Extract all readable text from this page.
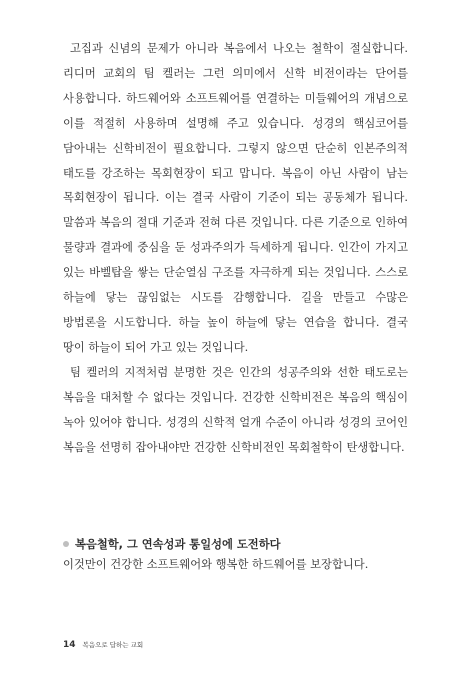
고집과 신념의 문제가 아니라 복음에서 나오는 철학이 절실합니다. 리디머 교회의 팀 켈러는 그런 의미에서 신학 비전이라는 단어를 사용합니다. 하드웨어와 소프트웨어를 연결하는 미들웨어의 개념으로 이를 적절히 사용하며 설명해 주고 있습니다. 성경의 핵심코어를 담아내는 신학비전이 필요합니다. 그렇지 않으면 단순히 인본주의적 태도를 강조하는 목회현장이 되고 맙니다. 복음이 아닌 사람이 남는 목회현장이 됩니다. 이는 결국 사람이 기준이 되는 공동체가 됩니다. 말씀과 복음의 절대 기준과 전혀 다른 것입니다. 다른 기준으로 인하여 물량과 결과에 중심을 둔 성과주의가 득세하게 됩니다. 인간이 가지고 있는 바벨탑을 쌓는 단순열심 구조를 자극하게 되는 것입니다. 스스로 하늘에 닿는 끊임없는 시도를 감행합니다. 길을 만들고 수많은 방법론을 시도합니다. 하늘 높이 하늘에 닿는 연습을 합니다. 결국 땅이 하늘이 되어 가고 있는 것입니다.

팀 켈러의 지적처럼 분명한 것은 인간의 성공주의와 선한 태도로는 복음을 대처할 수 없다는 것입니다. 건강한 신학비전은 복음의 핵심이 녹아 있어야 합니다. 성경의 신학적 얼개 수준이 아니라 성경의 코어인 복음을 선명히 잡아내야만 건강한 신학비전인 목회철학이 탄생합니다.

복음철학, 그 연속성과 통일성에 도전하다

이것만이 건강한 소프트웨어와 행복한 하드웨어를 보장합니다.

14 복음으로 답하는 교회
